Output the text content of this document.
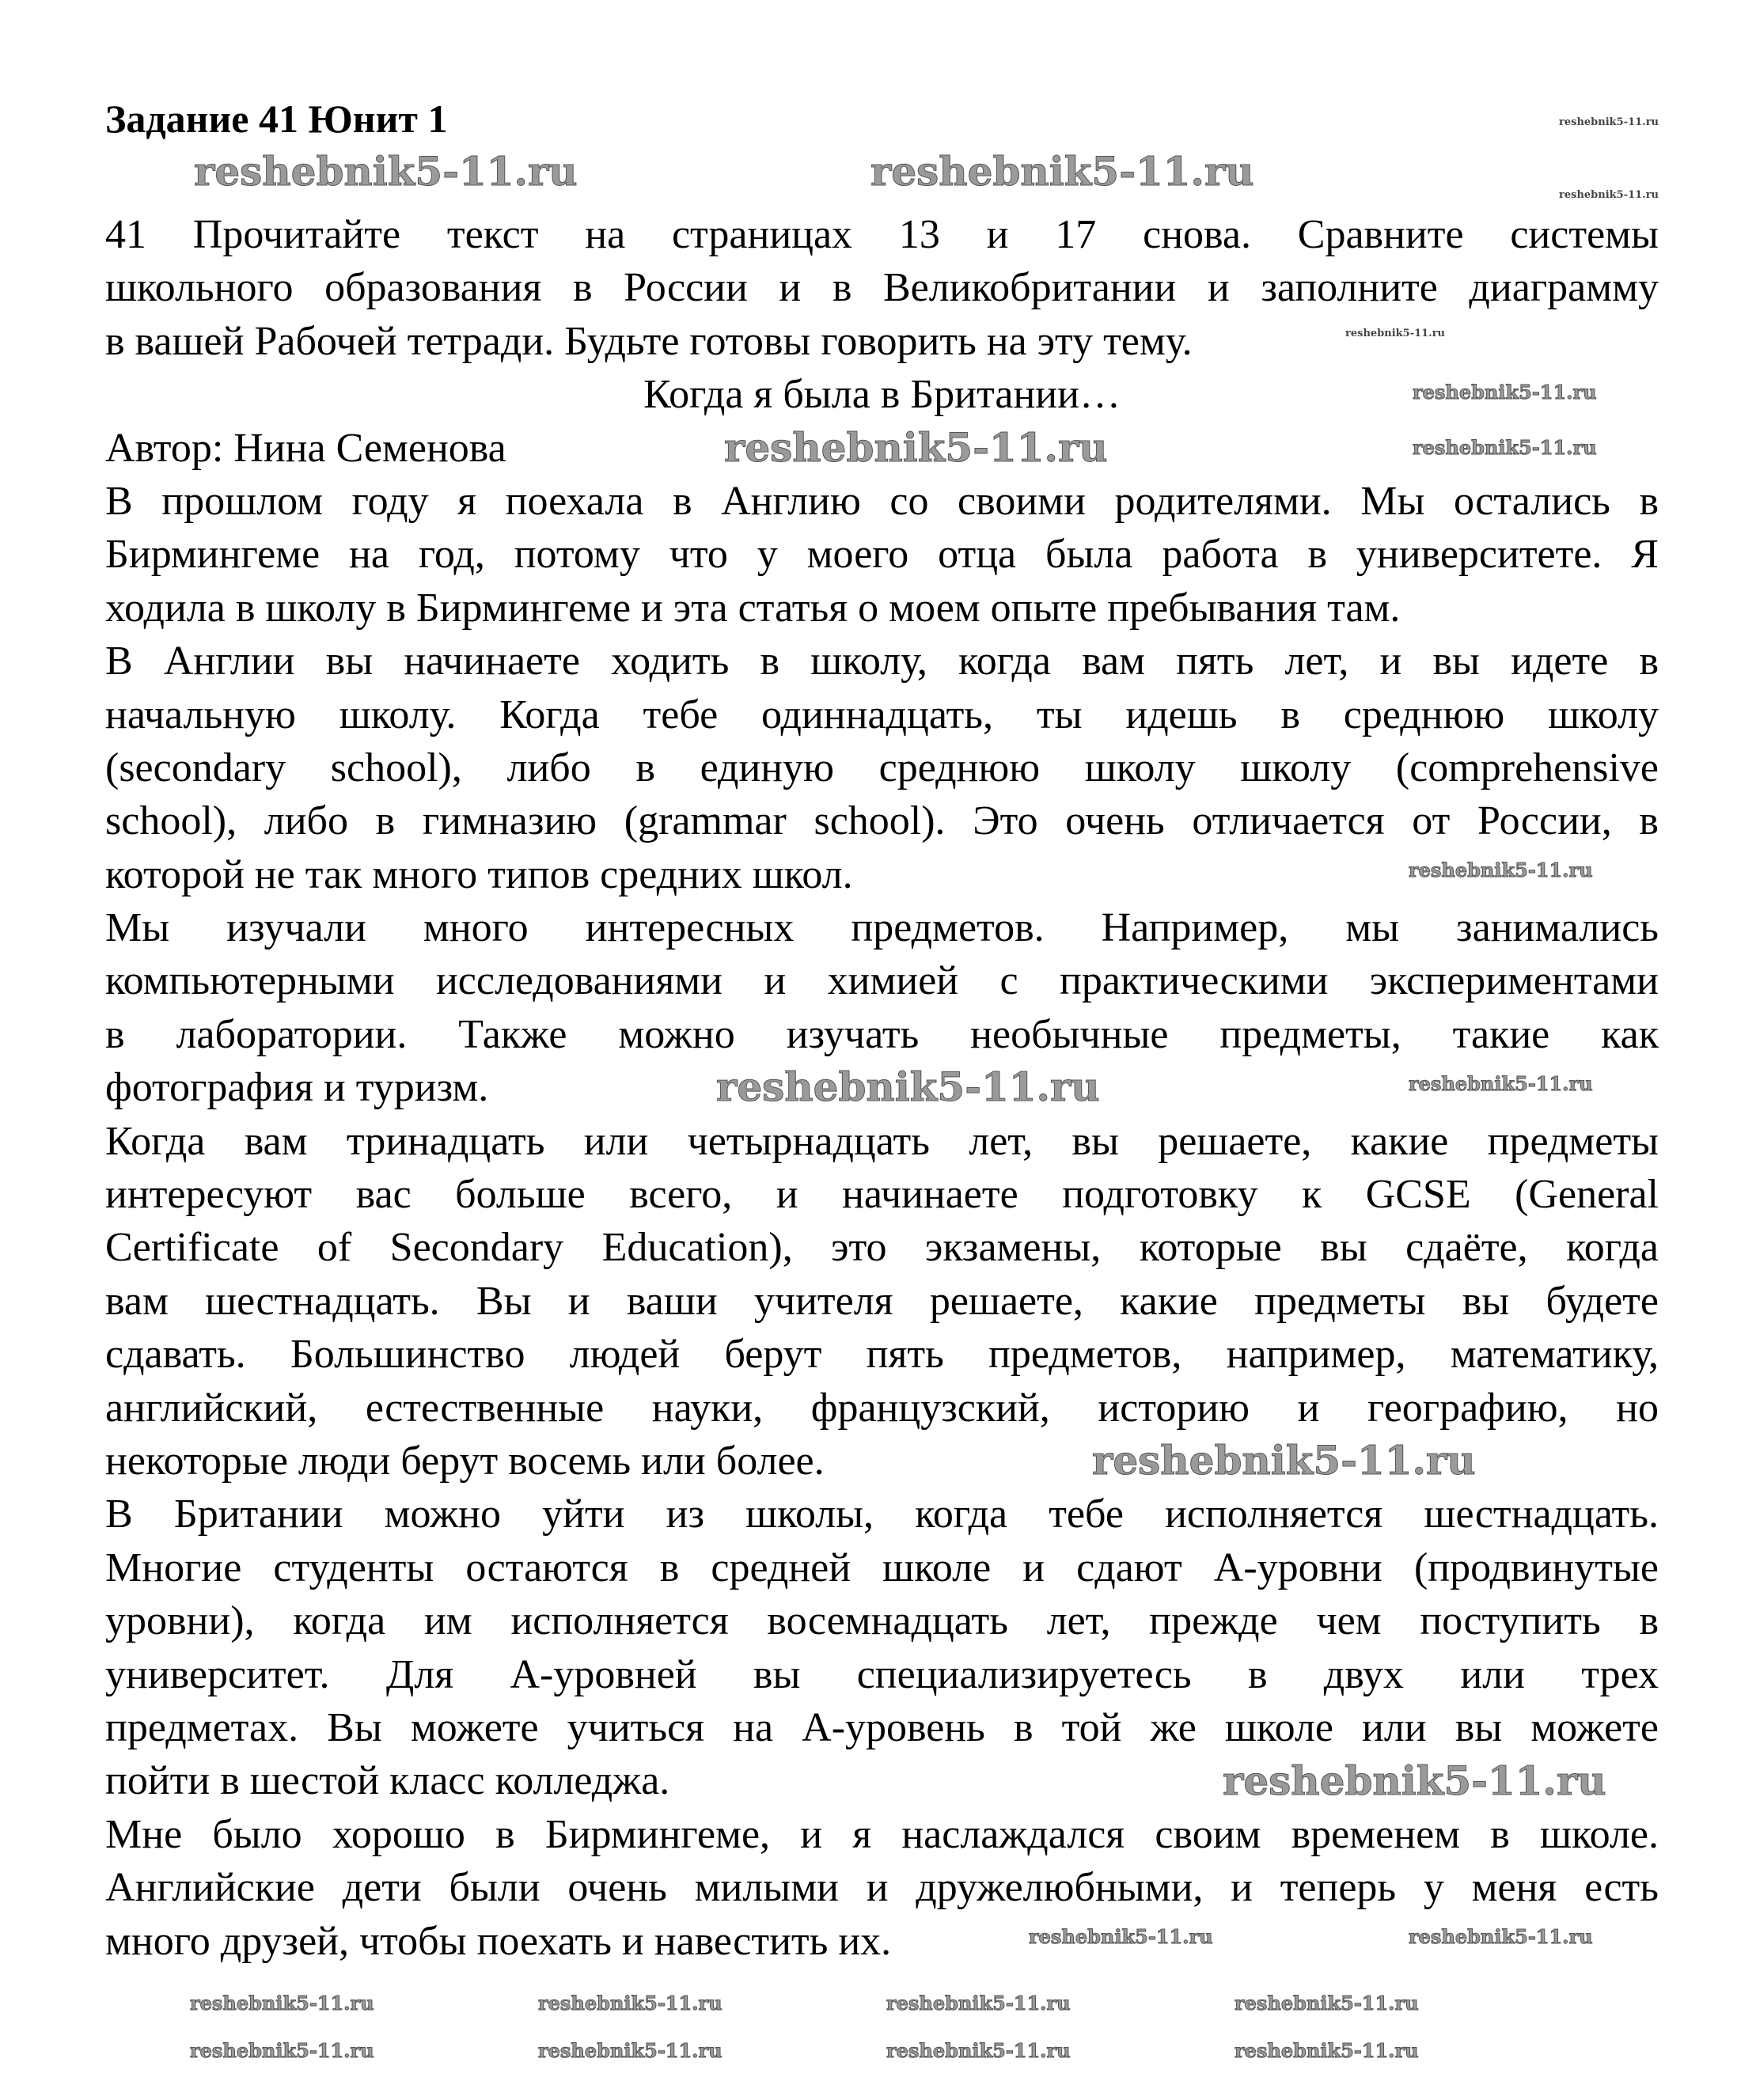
Задание 41 Юнит 1
41 Прочитайте текст на страницах 13 и 17 снова. Сравните системы
школьного образования в России и в Великобритании и заполните диаграмму
в вашей Рабочей тетради. Будьте готовы говорить на эту тему.
Когда я была в Британии…
Автор: Нина Семенова
В прошлом году я поехала в Англию со своими родителями. Мы остались в
Бирмингеме на год, потому что у моего отца была работа в университете. Я
ходила в школу в Бирмингеме и эта статья о моем опыте пребывания там.
В Англии вы начинаете ходить в школу, когда вам пять лет, и вы идете в
начальную школу. Когда тебе одиннадцать, ты идешь в среднюю школу
(secondary school), либо в единую среднюю школу школу (comprehensive
school), либо в гимназию (grammar school). Это очень отличается от России, в
которой не так много типов средних школ.
Мы изучали много интересных предметов. Например, мы занимались
компьютерными исследованиями и химией с практическими экспериментами
в лаборатории. Также можно изучать необычные предметы, такие как
фотография и туризм.
Когда вам тринадцать или четырнадцать лет, вы решаете, какие предметы
интересуют вас больше всего, и начинаете подготовку к GCSE (General
Certificate of Secondary Education), это экзамены, которые вы сдаёте, когда
вам шестнадцать. Вы и ваши учителя решаете, какие предметы вы будете
сдавать. Большинство людей берут пять предметов, например, математику,
английский, естественные науки, французский, историю и географию, но
некоторые люди берут восемь или более.
В Британии можно уйти из школы, когда тебе исполняется шестнадцать.
Многие студенты остаются в средней школе и сдают А-уровни (продвинутые
уровни), когда им исполняется восемнадцать лет, прежде чем поступить в
университет. Для А-уровней вы специализируетесь в двух или трех
предметах. Вы можете учиться на А-уровень в той же школе или вы можете
пойти в шестой класс колледжа.
Мне было хорошо в Бирмингеме, и я наслаждался своим временем в школе.
Английские дети были очень милыми и дружелюбными, и теперь у меня есть
много друзей, чтобы поехать и навестить их.
reshebnik5-11.ru	reshebnik5-11.ru
reshebnik5-11.ru
reshebnik5-11.ru
reshebnik5-11.ru
reshebnik5-11.ru
reshebnik5-11.ru
reshebnik5-11.ru
reshebnik5-11.ru
reshebnik5-11.ru
reshebnik5-11.ru	reshebnik5-11.ru
reshebnik5-11.ru	reshebnik5-11.ru	reshebnik5-11.ru	reshebnik5-11.ru
reshebnik5-11.ru	reshebnik5-11.ru	reshebnik5-11.ru	reshebnik5-11.ru
reshebnik5-11.ru
reshebnik5-11.ru
reshebnik5-11.ru
